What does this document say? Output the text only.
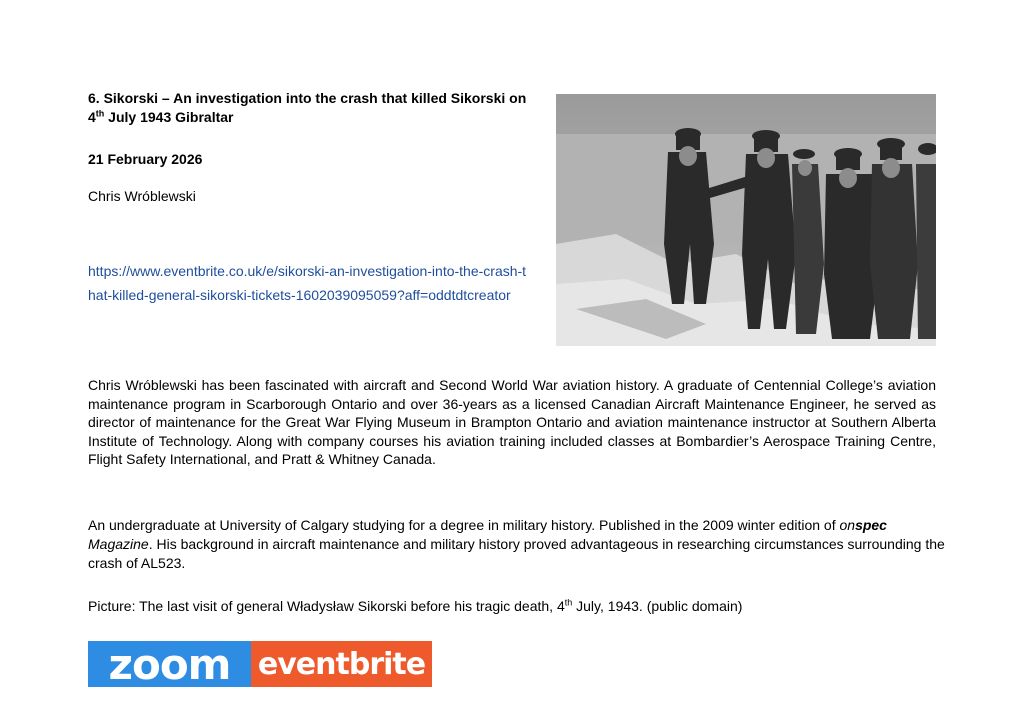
6. Sikorski – An investigation into the crash that killed Sikorski on 4th July 1943 Gibraltar
21 February 2026
Chris Wróblewski
https://www.eventbrite.co.uk/e/sikorski-an-investigation-into-the-crash-that-killed-general-sikorski-tickets-1602039095059?aff=oddtdtcreator
Chris Wróblewski has been fascinated with aircraft and Second World War aviation history. A graduate of Centennial College’s aviation maintenance program in Scarborough Ontario and over 36-years as a licensed Canadian Aircraft Maintenance Engineer, he served as director of maintenance for the Great War Flying Museum in Brampton Ontario and aviation maintenance instructor at Southern Alberta Institute of Technology. Along with company courses his aviation training included classes at Bombardier’s Aerospace Training Centre, Flight Safety International, and Pratt & Whitney Canada.
An undergraduate at University of Calgary studying for a degree in military history. Published in the 2009 winter edition of onspec Magazine. His background in aircraft maintenance and military history proved advantageous in researching circumstances surrounding the crash of AL523.
Picture: The last visit of general Władysław Sikorski before his tragic death, 4th July, 1943. (public domain)
zoom eventbrite
